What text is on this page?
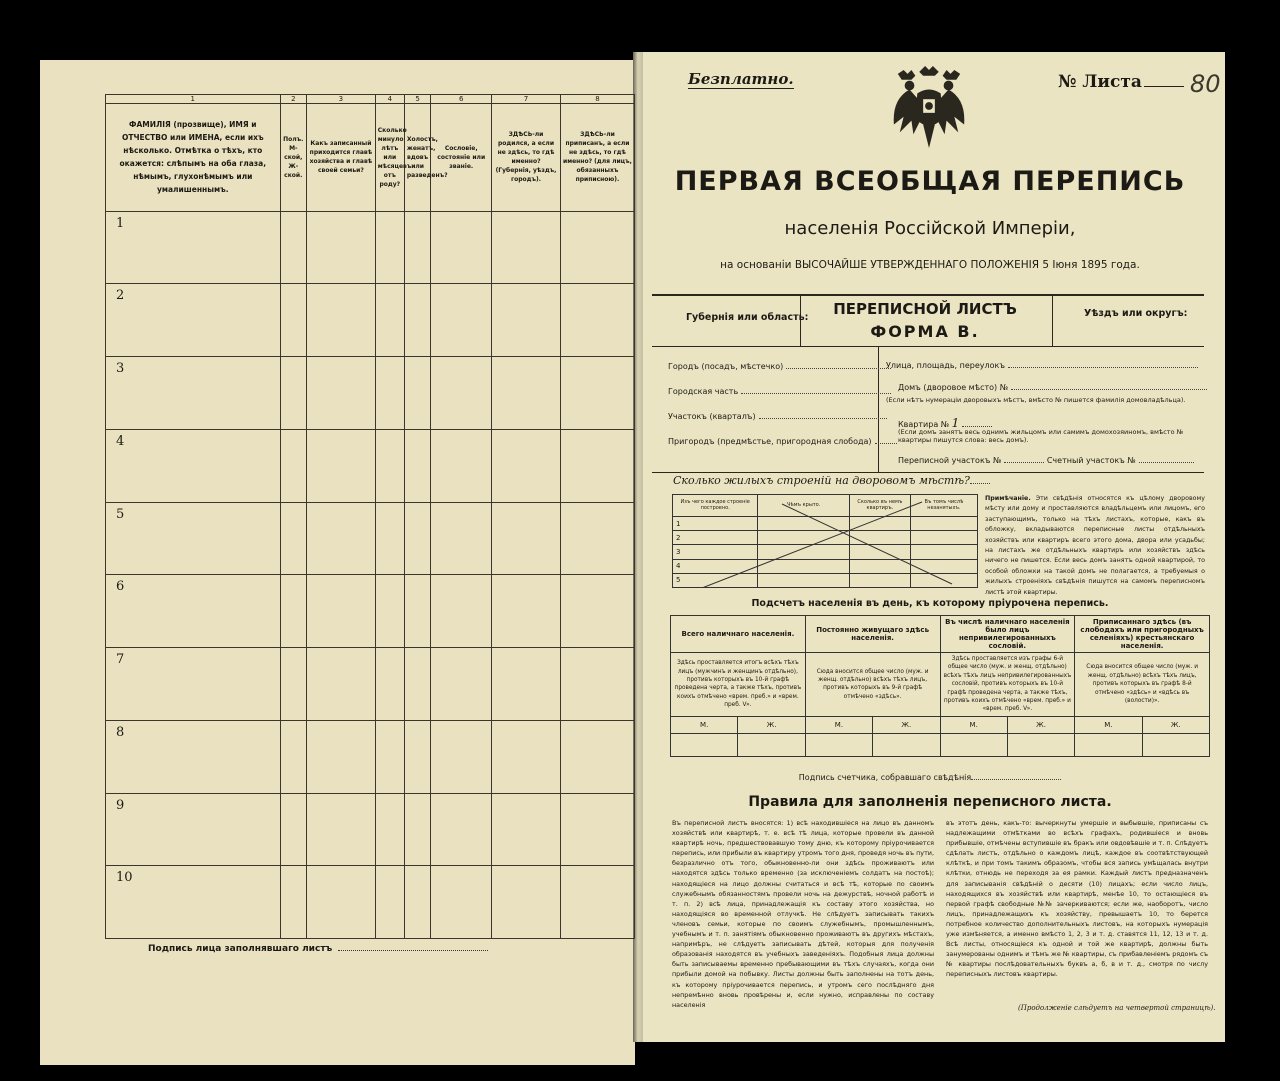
1	2	3	4	5	6	7	8
ФАМИЛІЯ (прозвище), ИМЯ и ОТЧЕСТВО или ИМЕНА, если ихъ нѣсколько. Отмѣтка о тѣхъ, кто окажется: слѣпымъ на оба глаза, нѣмымъ, глухонѣмымъ или умалишеннымъ.	Полъ. М-ской, Ж-ской.	Какъ записанный приходится главѣ хозяйства и главѣ своей семьи?	Сколько минуло лѣтъ или мѣсяцевъ отъ роду?	Холостъ, женатъ, вдовъ или разведенъ?	Сословіе, состояніе или званіе.	ЗДѢСЬ-ли родился, а если не здѣсь, то гдѣ именно? (Губернія, уѣздъ, городъ).	ЗДѢСЬ-ли приписанъ, а если не здѣсь, то гдѣ именно? (для лицъ, обязанныхъ приписною).
1							
2							
3							
4							
5							
6							
7							
8							
9							
10							
Подпись лица заполнявшаго листъ

Безплатно.	№ Листа	80
ПЕРВАЯ ВСЕОБЩАЯ ПЕРЕПИСЬ
населенія Россійской Имперіи,
на основаніи ВЫСОЧАЙШЕ УТВЕРЖДЕННАГО ПОЛОЖЕНІЯ 5 Іюня 1895 года.
Губернія или область:	ПЕРЕПИСНОЙ ЛИСТЪ
ФОРМА В.
Уѣздъ или округъ:
Городъ (посадъ, мѣстечко)
Городская часть
Участокъ (кварталъ)
Пригородъ (предмѣстье, пригородная слобода)
Улица, площадь, переулокъ
Домъ (дворовое мѣсто) №
(Если нѣтъ нумераціи дворовыхъ мѣстъ, вмѣсто № пишется фамилія домовладѣльца).
Квартира № 1
(Если домъ занятъ весь однимъ жильцомъ или самимъ домохозяиномъ, вмѣсто № квартиры пишутся слова: весь домъ).
Переписной участокъ №	Счетный участокъ №
Сколько жилыхъ строеній на дворовомъ мѣстѣ?
Изъ чего каждое строеніе построено.	Чѣмъ крыто.	Сколько въ немъ квартиръ.	Въ томъ числѣ незанятыхъ.
1			
2			
3			
4			
5			
Примѣчаніе. Эти свѣдѣнія относятся къ цѣлому дворовому мѣсту или дому и проставляются владѣльцемъ или лицомъ, его заступающимъ, только на тѣхъ листахъ, которые, какъ въ обложку, вкладываются переписные листы отдѣльныхъ хозяйствъ или квартиръ всего этого дома, двора или усадьбы; на листахъ же отдѣльныхъ квартиръ или хозяйствъ здѣсь ничего не пишется. Если весь домъ занятъ одной квартирой, то особой обложки на такой домъ не полагается, а требуемыя о жилыхъ строеніяхъ свѣдѣнія пишутся на самомъ переписномъ листѣ этой квартиры.
Подсчетъ населенія въ день, къ которому пріурочена перепись.
Всего наличнаго населенія.		Постоянно живущаго здѣсь населенія.		Въ числѣ наличнаго населенія было лицъ непривилегированныхъ сословій.		Приписаннаго здѣсь (въ слободахъ или пригородныхъ селеніяхъ) крестьянскаго населенія.	
Здѣсь проставляется итогъ всѣхъ тѣхъ лицъ (мужчинъ и женщинъ отдѣльно), противъ которыхъ въ 10-й графѣ проведена черта, а также тѣхъ, противъ коихъ отмѣчено «врем. преб.» и «врем. преб. V».		Сюда вносится общее число (муж. и женщ. отдѣльно) всѣхъ тѣхъ лицъ, противъ которыхъ въ 9-й графѣ отмѣчено «здѣсь».		Здѣсь проставляется изъ графы 6-й общее число (муж. и женщ. отдѣльно) всѣхъ тѣхъ лицъ непривилегированныхъ сословій, противъ которыхъ въ 10-й графѣ проведена черта, а также тѣхъ, противъ коихъ отмѣчено «врем. преб.» и «врем. преб. V».		Сюда вносится общее число (муж. и женщ. отдѣльно) всѣхъ тѣхъ лицъ, противъ которыхъ въ графѣ 8-й отмѣчено «здѣсь» и «вдѣсь въ (волости)».	
М.	Ж.	М.	Ж.	М.	Ж.	М.	Ж.

Подпись счетчика, собравшаго свѣдѣнія
Правила для заполненія переписного листа.
Въ переписной листъ вносятся: 1) всѣ находившіеся на лицо въ данномъ хозяйствѣ или квартирѣ, т. е. всѣ тѣ лица, которые провели въ данной квартирѣ ночь, предшествовавшую тому дню, къ которому пріурочивается перепись, или прибыли въ квартиру утромъ того дня, проведя ночь въ пути, безразлично отъ того, обыкновенно-ли они здѣсь проживаютъ или находятся здѣсь только временно (за исключеніемъ солдатъ на постоѣ); находящіеся на лицо должны считаться и всѣ тѣ, которые по своимъ служебнымъ обязанностямъ провели ночь на дежурствѣ, ночной работѣ и т. п. 2) всѣ лица, принадлежащія къ составу этого хозяйства, но находящіяся во временной отлучкѣ. Не слѣдуетъ записывать такихъ членовъ семьи, которые по своимъ служебнымъ, промышленнымъ, учебнымъ и т. п. занятіямъ обыкновенно проживаютъ въ другихъ мѣстахъ, напримѣръ, не слѣдуетъ записывать дѣтей, которыя для полученія образованія находятся въ учебныхъ заведеніяхъ. Подобныя лица должны быть записываемы временно пребывающими въ тѣхъ случаяхъ, когда они прибыли домой на побывку. Листы должны быть заполнены на тотъ день, къ которому пріурочивается перепись, и утромъ сего послѣдняго дня непремѣнно вновь провѣрены и, если нужно, исправлены по составу населенія
въ этотъ день, какъ-то: вычеркнуты умершіе и выбывшіе, приписаны съ надлежащими отмѣтками во всѣхъ графахъ, родившіеся и вновь прибывшіе, отмѣчены вступившіе въ бракъ или овдовѣвшіе и т. п. Слѣдуетъ сдѣлать листъ, отдѣльно о каждомъ лицѣ, каждое въ соотвѣтствующей клѣткѣ, и при томъ такимъ образомъ, чтобы вся запись умѣщалась внутри клѣтки, отнюдь не переходя за ея рамки. Каждый листъ предназначенъ для записыванія свѣдѣній о десяти (10) лицахъ; если число лицъ, находящихся въ хозяйствѣ или квартирѣ, менѣе 10, то остающіеся въ первой графѣ свободные №№ зачеркиваются; если же, наоборотъ, число лицъ, принадлежащихъ къ хозяйству, превышаетъ 10, то берется потребное количество дополнительныхъ листовъ, на которыхъ нумерація уже измѣняется, а именно вмѣсто 1, 2, 3 и т. д. ставятся 11, 12, 13 и т. д. Всѣ листы, относящіеся къ одной и той же квартирѣ, должны быть занумерованы однимъ и тѣмъ же № квартиры, съ прибавленіемъ рядомъ съ № квартиры послѣдовательныхъ буквъ а, б, в и т. д., смотря по числу переписныхъ листовъ квартиры.
(Продолженіе слѣдуетъ на четвертой страницѣ).
